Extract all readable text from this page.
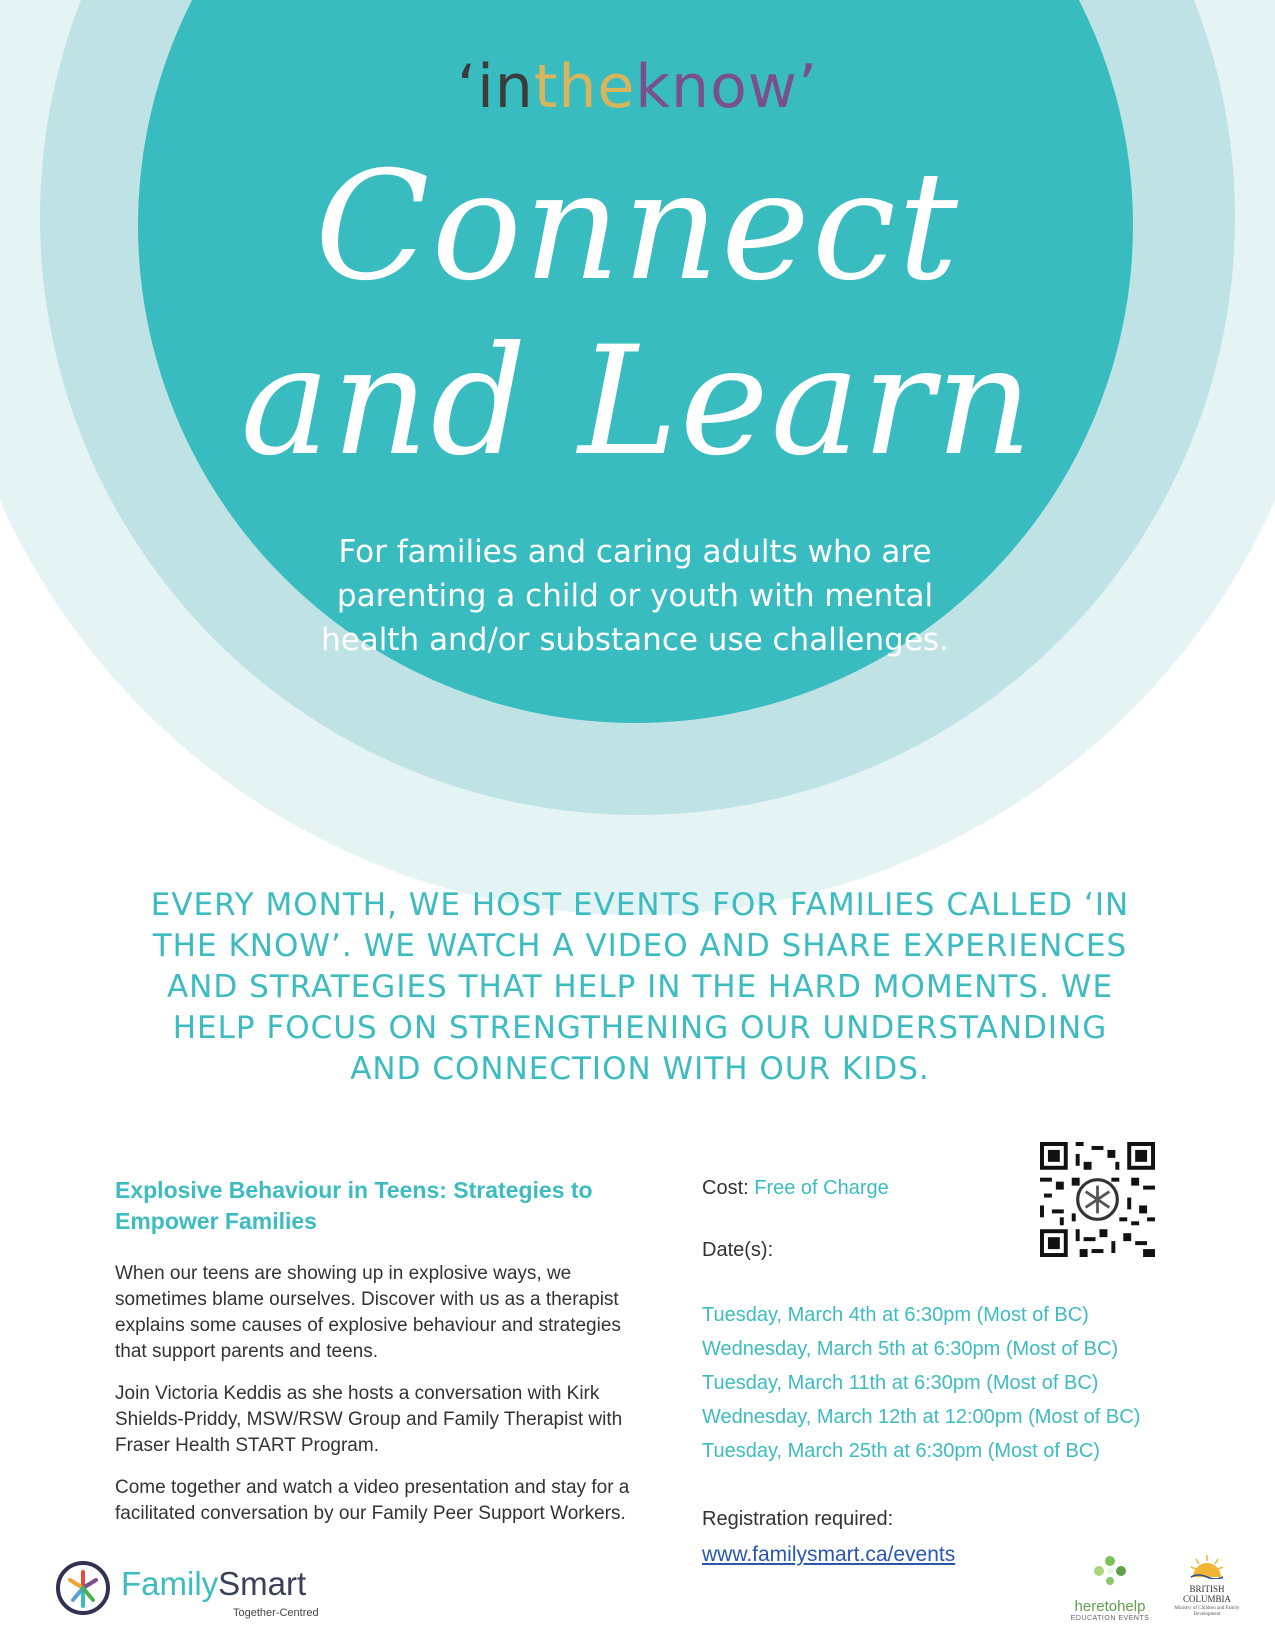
‘intheknow’
Connect
and Learn
For families and caring adults who are parenting a child or youth with mental health and/or substance use challenges.
EVERY MONTH, WE HOST EVENTS FOR FAMILIES CALLED ‘IN THE KNOW’. WE WATCH A VIDEO AND SHARE EXPERIENCES AND STRATEGIES THAT HELP IN THE HARD MOMENTS. WE HELP FOCUS ON STRENGTHENING OUR UNDERSTANDING AND CONNECTION WITH OUR KIDS.
Explosive Behaviour in Teens: Strategies to Empower Families

When our teens are showing up in explosive ways, we sometimes blame ourselves. Discover with us as a therapist explains some causes of explosive behaviour and strategies that support parents and teens.

Join Victoria Keddis as she hosts a conversation with Kirk Shields-Priddy, MSW/RSW Group and Family Therapist with Fraser Health START Program.

Come together and watch a video presentation and stay for a facilitated conversation by our Family Peer Support Workers.

Cost: Free of Charge
Date(s):
Tuesday, March 4th at 6:30pm (Most of BC)
Wednesday, March 5th at 6:30pm (Most of BC)
Tuesday, March 11th at 6:30pm (Most of BC)
Wednesday, March 12th at 12:00pm (Most of BC)
Tuesday, March 25th at 6:30pm (Most of BC)
Registration required:
www.familysmart.ca/events
FamilySmart
Together-Centred	heretohelp
EDUCATION EVENTS
BRITISH
COLUMBIA
Ministry of Children and Family Development
